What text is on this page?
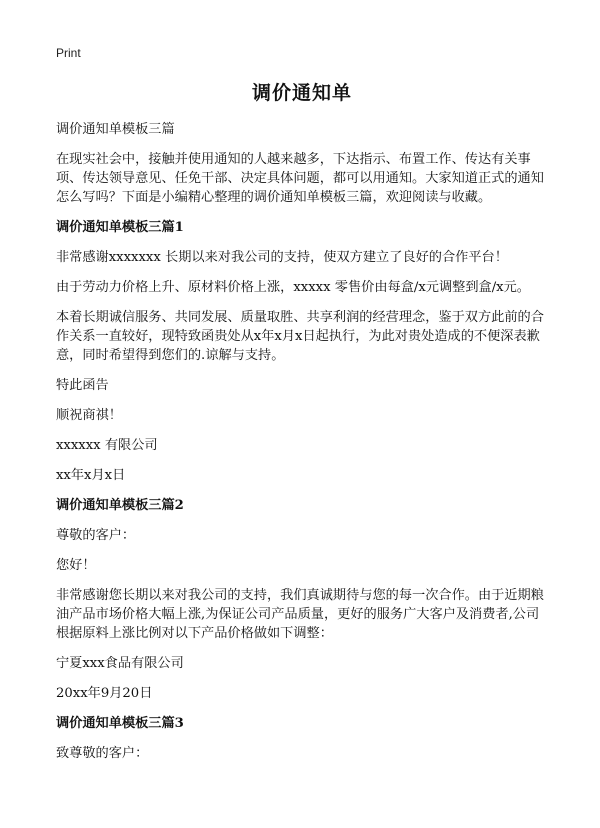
Print
调价通知单

调价通知单模板三篇

在现实社会中，接触并使用通知的人越来越多，下达指示、布置工作、传达有关事项、传达领导意见、任免干部、决定具体问题，都可以用通知。大家知道正式的通知怎么写吗？下面是小编精心整理的调价通知单模板三篇，欢迎阅读与收藏。

调价通知单模板三篇1

非常感谢xxxxxxx 长期以来对我公司的支持，使双方建立了良好的合作平台！

由于劳动力价格上升、原材料价格上涨，xxxxx 零售价由每盒/x元调整到盒/x元。

本着长期诚信服务、共同发展、质量取胜、共享利润的经营理念，鉴于双方此前的合作关系一直较好，现特致函贵处从x年x月x日起执行，为此对贵处造成的不便深表歉意，同时希望得到您们的.谅解与支持。

特此函告

顺祝商祺！

xxxxxx 有限公司

xx年x月x日

调价通知单模板三篇2

尊敬的客户：

您好！

非常感谢您长期以来对我公司的支持，我们真诚期待与您的每一次合作。由于近期粮油产品市场价格大幅上涨,为保证公司产品质量，更好的服务广大客户及消费者,公司根据原料上涨比例对以下产品价格做如下调整：

宁夏xxx食品有限公司

20xx年9月20日

调价通知单模板三篇3

致尊敬的客户：
